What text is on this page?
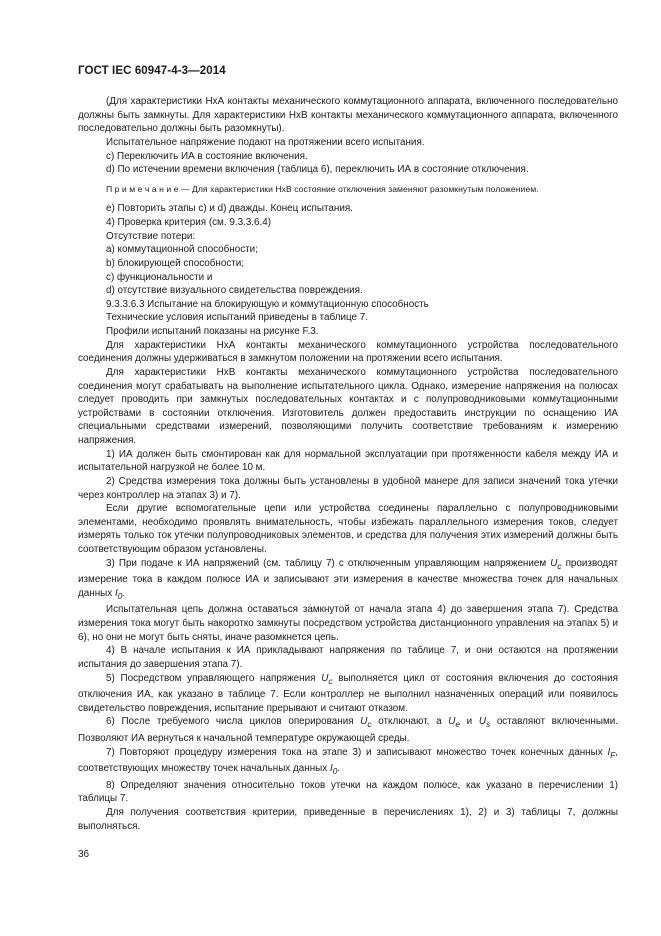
ГОСТ IEC 60947-4-3—2014

(Для характеристики НхА контакты механического коммутационного аппарата, включенного последовательно должны быть замкнуты. Для характеристики НхВ контакты механического коммутационного аппарата, включенного последовательно должны быть разомкнуты).

Испытательное напряжение подают на протяжении всего испытания.

c) Переключить ИА в состояние включения.

d) По истечении времени включения (таблица 6), переключить ИА в состояние отключения.

П р и м е ч а н и е — Для характеристики НхВ состояние отключения заменяют разомкнутым положением.

e) Повторить этапы c) и d) дважды. Конец испытания.

4) Проверка критерия (см. 9.3.3.6.4)

Отсутствие потери:

a) коммутационной способности;

b) блокирующей способности;

c) функциональности и

d) отсутствие визуального свидетельства повреждения.

9.3.3.6.3 Испытание на блокирующую и коммутационную способность

Технические условия испытаний приведены в таблице 7.

Профили испытаний показаны на рисунке F.3.

Для характеристики НхА контакты механического коммутационного устройства последовательного соединения должны удерживаться в замкнутом положении на протяжении всего испытания.

Для характеристики НхВ контакты механического коммутационного устройства последовательного соединения могут срабатывать на выполнение испытательного цикла. Однако, измерение напряжения на полюсах следует проводить при замкнутых последовательных контактах и с полупроводниковыми коммутационными устройствами в состоянии отключения. Изготовитель должен предоставить инструкции по оснащению ИА специальными средствами измерений, позволяющими получить соответствие требованиям к измерению напряжения.

1) ИА должен быть смонтирован как для нормальной эксплуатации при протяженности кабеля между ИА и испытательной нагрузкой не более 10 м.

2) Средства измерения тока должны быть установлены в удобной манере для записи значений тока утечки через контроллер на этапах 3) и 7).

Если другие вспомогательные цепи или устройства соединены параллельно с полупроводниковыми элементами, необходимо проявлять внимательность, чтобы избежать параллельного измерения токов, следует измерять только ток утечки полупроводниковых элементов, и средства для получения этих измерений должны быть соответствующим образом установлены.

3) При подаче к ИА напряжений (см. таблицу 7) с отключенным управляющим напряжением $U_c$ производят измерение тока в каждом полюсе ИА и записывают эти измерения в качестве множества точек для начальных данных $I_0$.

Испытательная цепь должна оставаться замкнутой от начала этапа 4) до завершения этапа 7). Средства измерения тока могут быть накоротко замкнуты посредством устройства дистанционного управления на этапах 5) и 6), но они не могут быть сняты, иначе разомкнется цепь.

4) В начале испытания к ИА прикладывают напряжения по таблице 7, и они остаются на протяжении испытания до завершения этапа 7).

5) Посредством управляющего напряжения $U_c$ выполняется цикл от состояния включения до состояния отключения ИА, как указано в таблице 7. Если контроллер не выполнил назначенных операций или появилось свидетельство повреждения, испытание прерывают и считают отказом.

6) После требуемого числа циклов оперирования $U_c$ отключают, а $U_e$ и $U_s$ оставляют включенными. Позволяют ИА вернуться к начальной температуре окружающей среды.

7) Повторяют процедуру измерения тока на этапе 3) и записывают множество точек конечных данных $I_F$, соответствующих множеству точек начальных данных $I_0$.

8) Определяют значения относительно токов утечки на каждом полюсе, как указано в перечислении 1) таблицы 7.

Для получения соответствия критерии, приведенные в перечислениях 1), 2) и 3) таблицы 7, должны выполняться.

36
